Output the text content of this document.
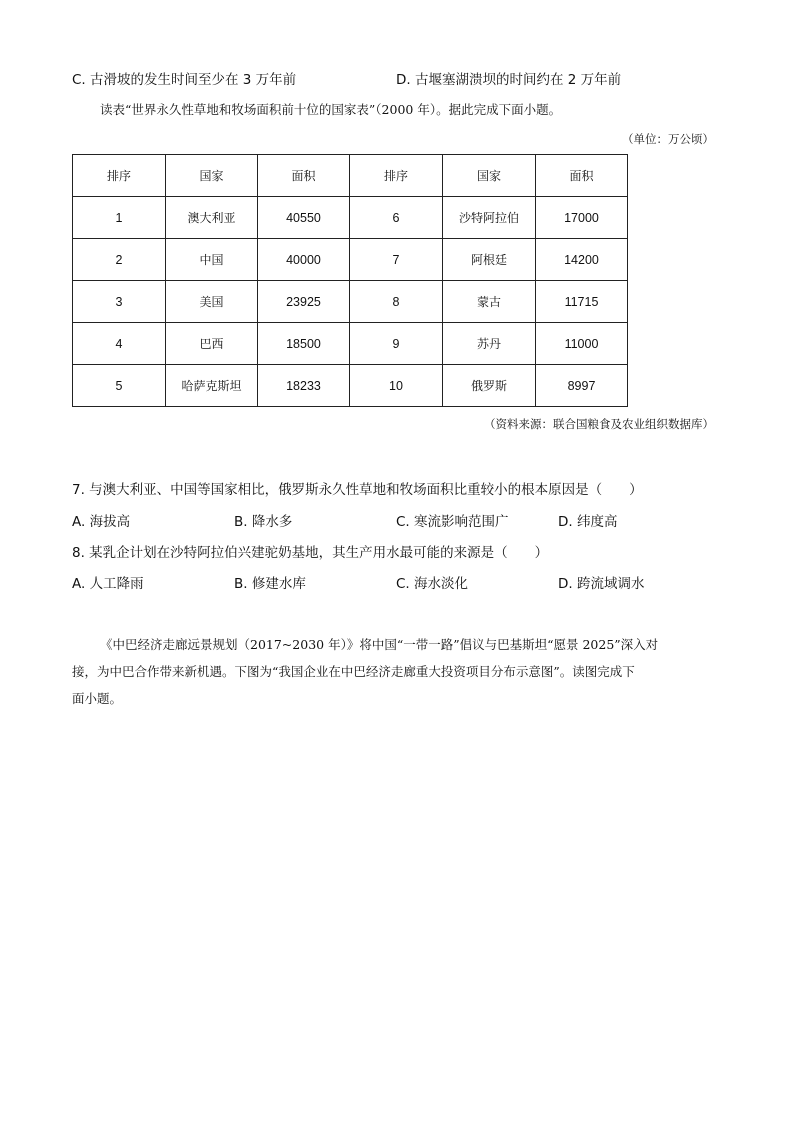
C. 古滑坡的发生时间至少在 3 万年前	D. 古堰塞湖溃坝的时间约在 2 万年前
读表“世界永久性草地和牧场面积前十位的国家表”（2000 年）。据此完成下面小题。
（单位：万公顷）
排序	国家	面积	排序	国家	面积
1	澳大利亚	40550	6	沙特阿拉伯	17000
2	中国	40000	7	阿根廷	14200
3	美国	23925	8	蒙古	11715
4	巴西	18500	9	苏丹	11000
5	哈萨克斯坦	18233	10	俄罗斯	8997
（资料来源：联合国粮食及农业组织数据库）
7. 与澳大利亚、中国等国家相比，俄罗斯永久性草地和牧场面积比重较小的根本原因是（　　）
A. 海拔高	B. 降水多	C. 寒流影响范围广	D. 纬度高
8. 某乳企计划在沙特阿拉伯兴建驼奶基地，其生产用水最可能的来源是（　　）
A. 人工降雨	B. 修建水库	C. 海水淡化	D. 跨流域调水
《中巴经济走廊远景规划（2017~2030 年）》将中国“一带一路”倡议与巴基斯坦“愿景 2025”深入对
接，为中巴合作带来新机遇。下图为“我国企业在中巴经济走廊重大投资项目分布示意图”。读图完成下
面小题。
